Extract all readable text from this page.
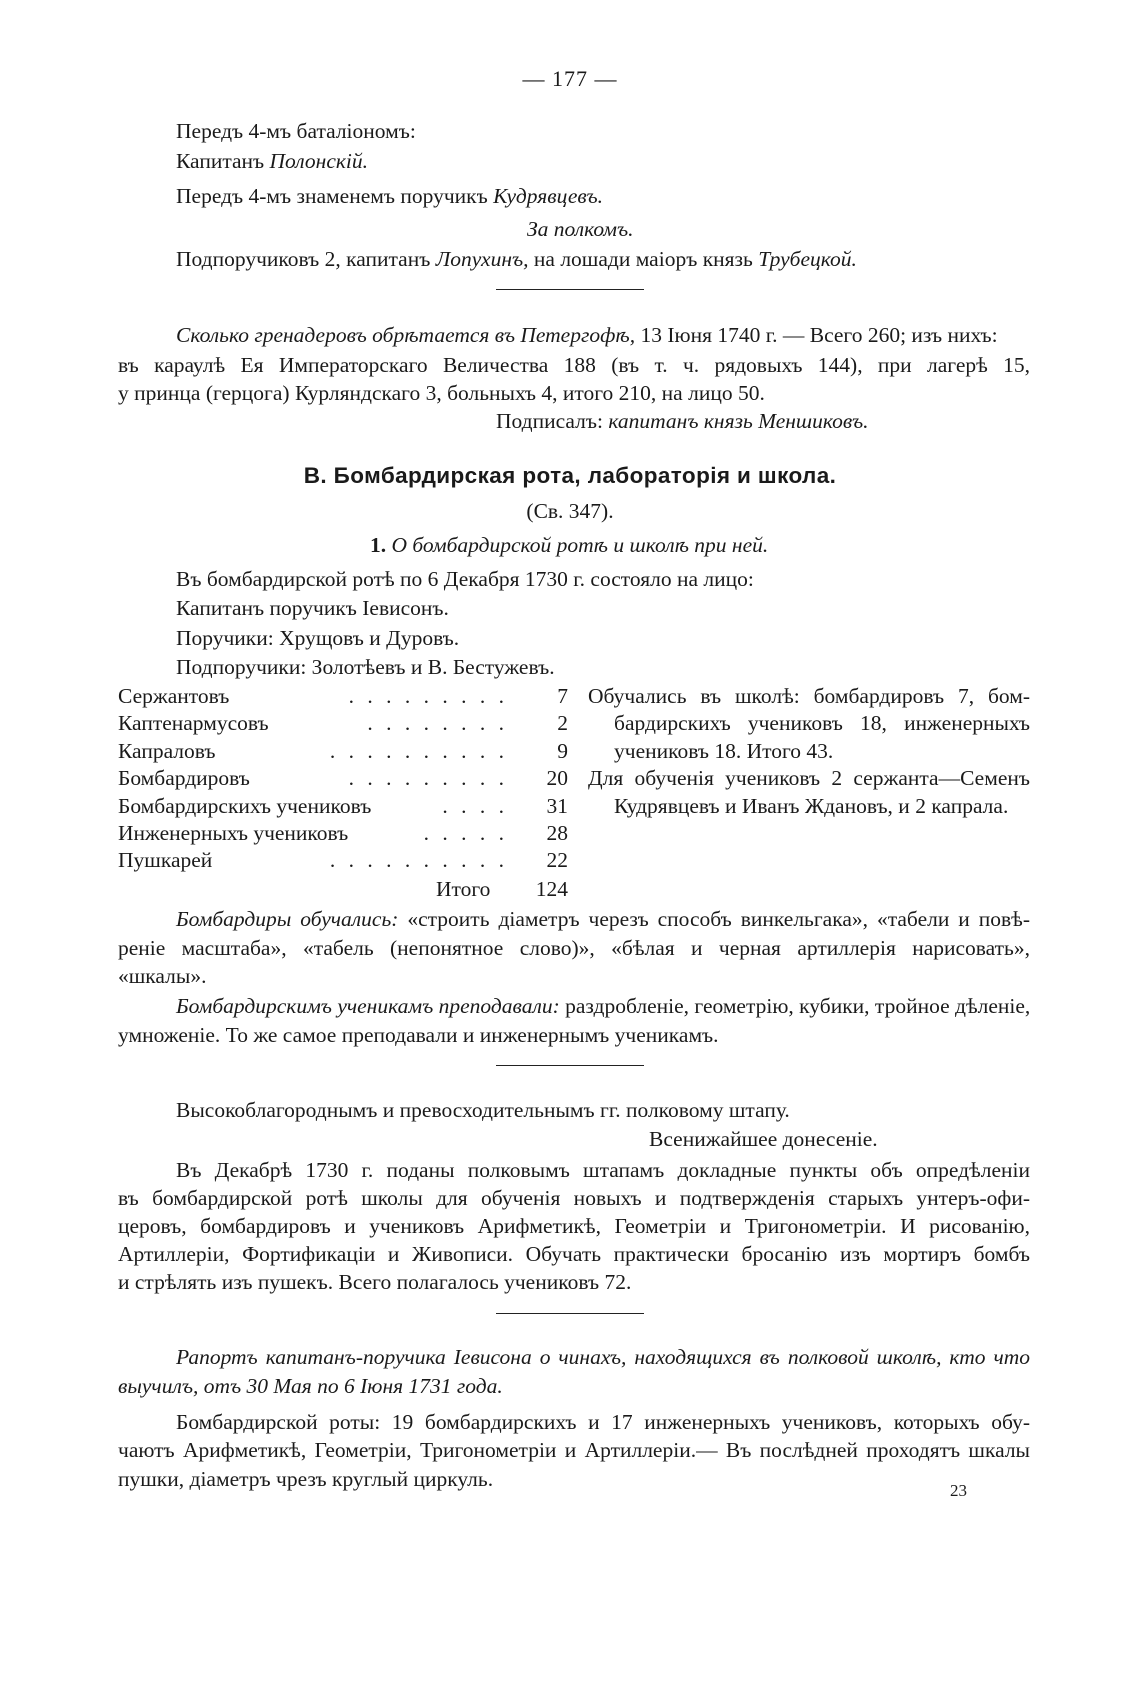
— 177 —
Передъ 4-мъ баталіономъ:
Капитанъ Полонскій.
Передъ 4-мъ знаменемъ поручикъ Кудрявцевъ.
За полкомъ.
Подпоручиковъ 2, капитанъ Лопухинъ, на лошади маіоръ князь Трубецкой.
Сколько гренадеровъ обрѣтается въ Петергофѣ, 13 Іюня 1740 г. — Всего 260; изъ нихъ:
въ караулѣ Ея Императорскаго Величества 188 (въ т. ч. рядовыхъ 144), при лагерѣ 15,
у принца (герцога) Курляндскаго 3, больныхъ 4, итого 210, на лицо 50.
Подписалъ: капитанъ князь Меншиковъ.
В. Бомбардирская рота, лабораторія и школа.
(Св. 347).
1. О бомбардирской ротѣ и школѣ при ней.
Въ бомбардирской ротѣ по 6 Декабря 1730 г. состояло на лицо:
Капитанъ поручикъ Іевисонъ.
Поручики: Хрущовъ и Дуровъ.
Подпоручики: Золотѣевъ и В. Бестужевъ.
Сержантовъ	. . . . . . . . .	7
Каптенармусовъ	. . . . . . . .	2
Капраловъ	. . . . . . . . . .	9
Бомбардировъ	. . . . . . . . .	20
Бомбардирскихъ учениковъ	. . . .	31
Инженерныхъ учениковъ	. . . . .	28
Пушкарей	. . . . . . . . . .	22
Итого	124
Обучались въ школѣ: бомбардировъ 7, бом-
бардирскихъ учениковъ 18, инженерныхъ
учениковъ 18. Итого 43.
Для обученія учениковъ 2 сержанта—Семенъ
Кудрявцевъ и Иванъ Ждановъ, и 2 капрала.
Бомбардиры обучались: «строить діаметръ черезъ способъ винкельгака», «табели и повѣ-
реніе масштаба», «табель (непонятное слово)», «бѣлая и черная артиллерія нарисовать»,
«шкалы».
Бомбардирскимъ ученикамъ преподавали: раздробленіе, геометрію, кубики, тройное дѣленіе,
умноженіе. То же самое преподавали и инженернымъ ученикамъ.
Высокоблагороднымъ и превосходительнымъ гг. полковому штапу.
Всенижайшее донесеніе.
Въ Декабрѣ 1730 г. поданы полковымъ штапамъ докладные пункты объ опредѣленіи
въ бомбардирской ротѣ школы для обученія новыхъ и подтвержденія старыхъ унтеръ-офи-
церовъ, бомбардировъ и учениковъ Арифметикѣ, Геометріи и Тригонометріи. И рисованію,
Артиллеріи, Фортификаціи и Живописи. Обучать практически бросанію изъ мортиръ бомбъ
и стрѣлять изъ пушекъ. Всего полагалось учениковъ 72.
Рапортъ капитанъ-поручика Іевисона о чинахъ, находящихся въ полковой школѣ, кто что
выучилъ, отъ 30 Мая по 6 Іюня 1731 года.
Бомбардирской роты: 19 бомбардирскихъ и 17 инженерныхъ учениковъ, которыхъ обу-
чаютъ Арифметикѣ, Геометріи, Тригонометріи и Артиллеріи.— Въ послѣдней проходятъ шкалы
пушки, діаметръ чрезъ круглый циркуль.	23
